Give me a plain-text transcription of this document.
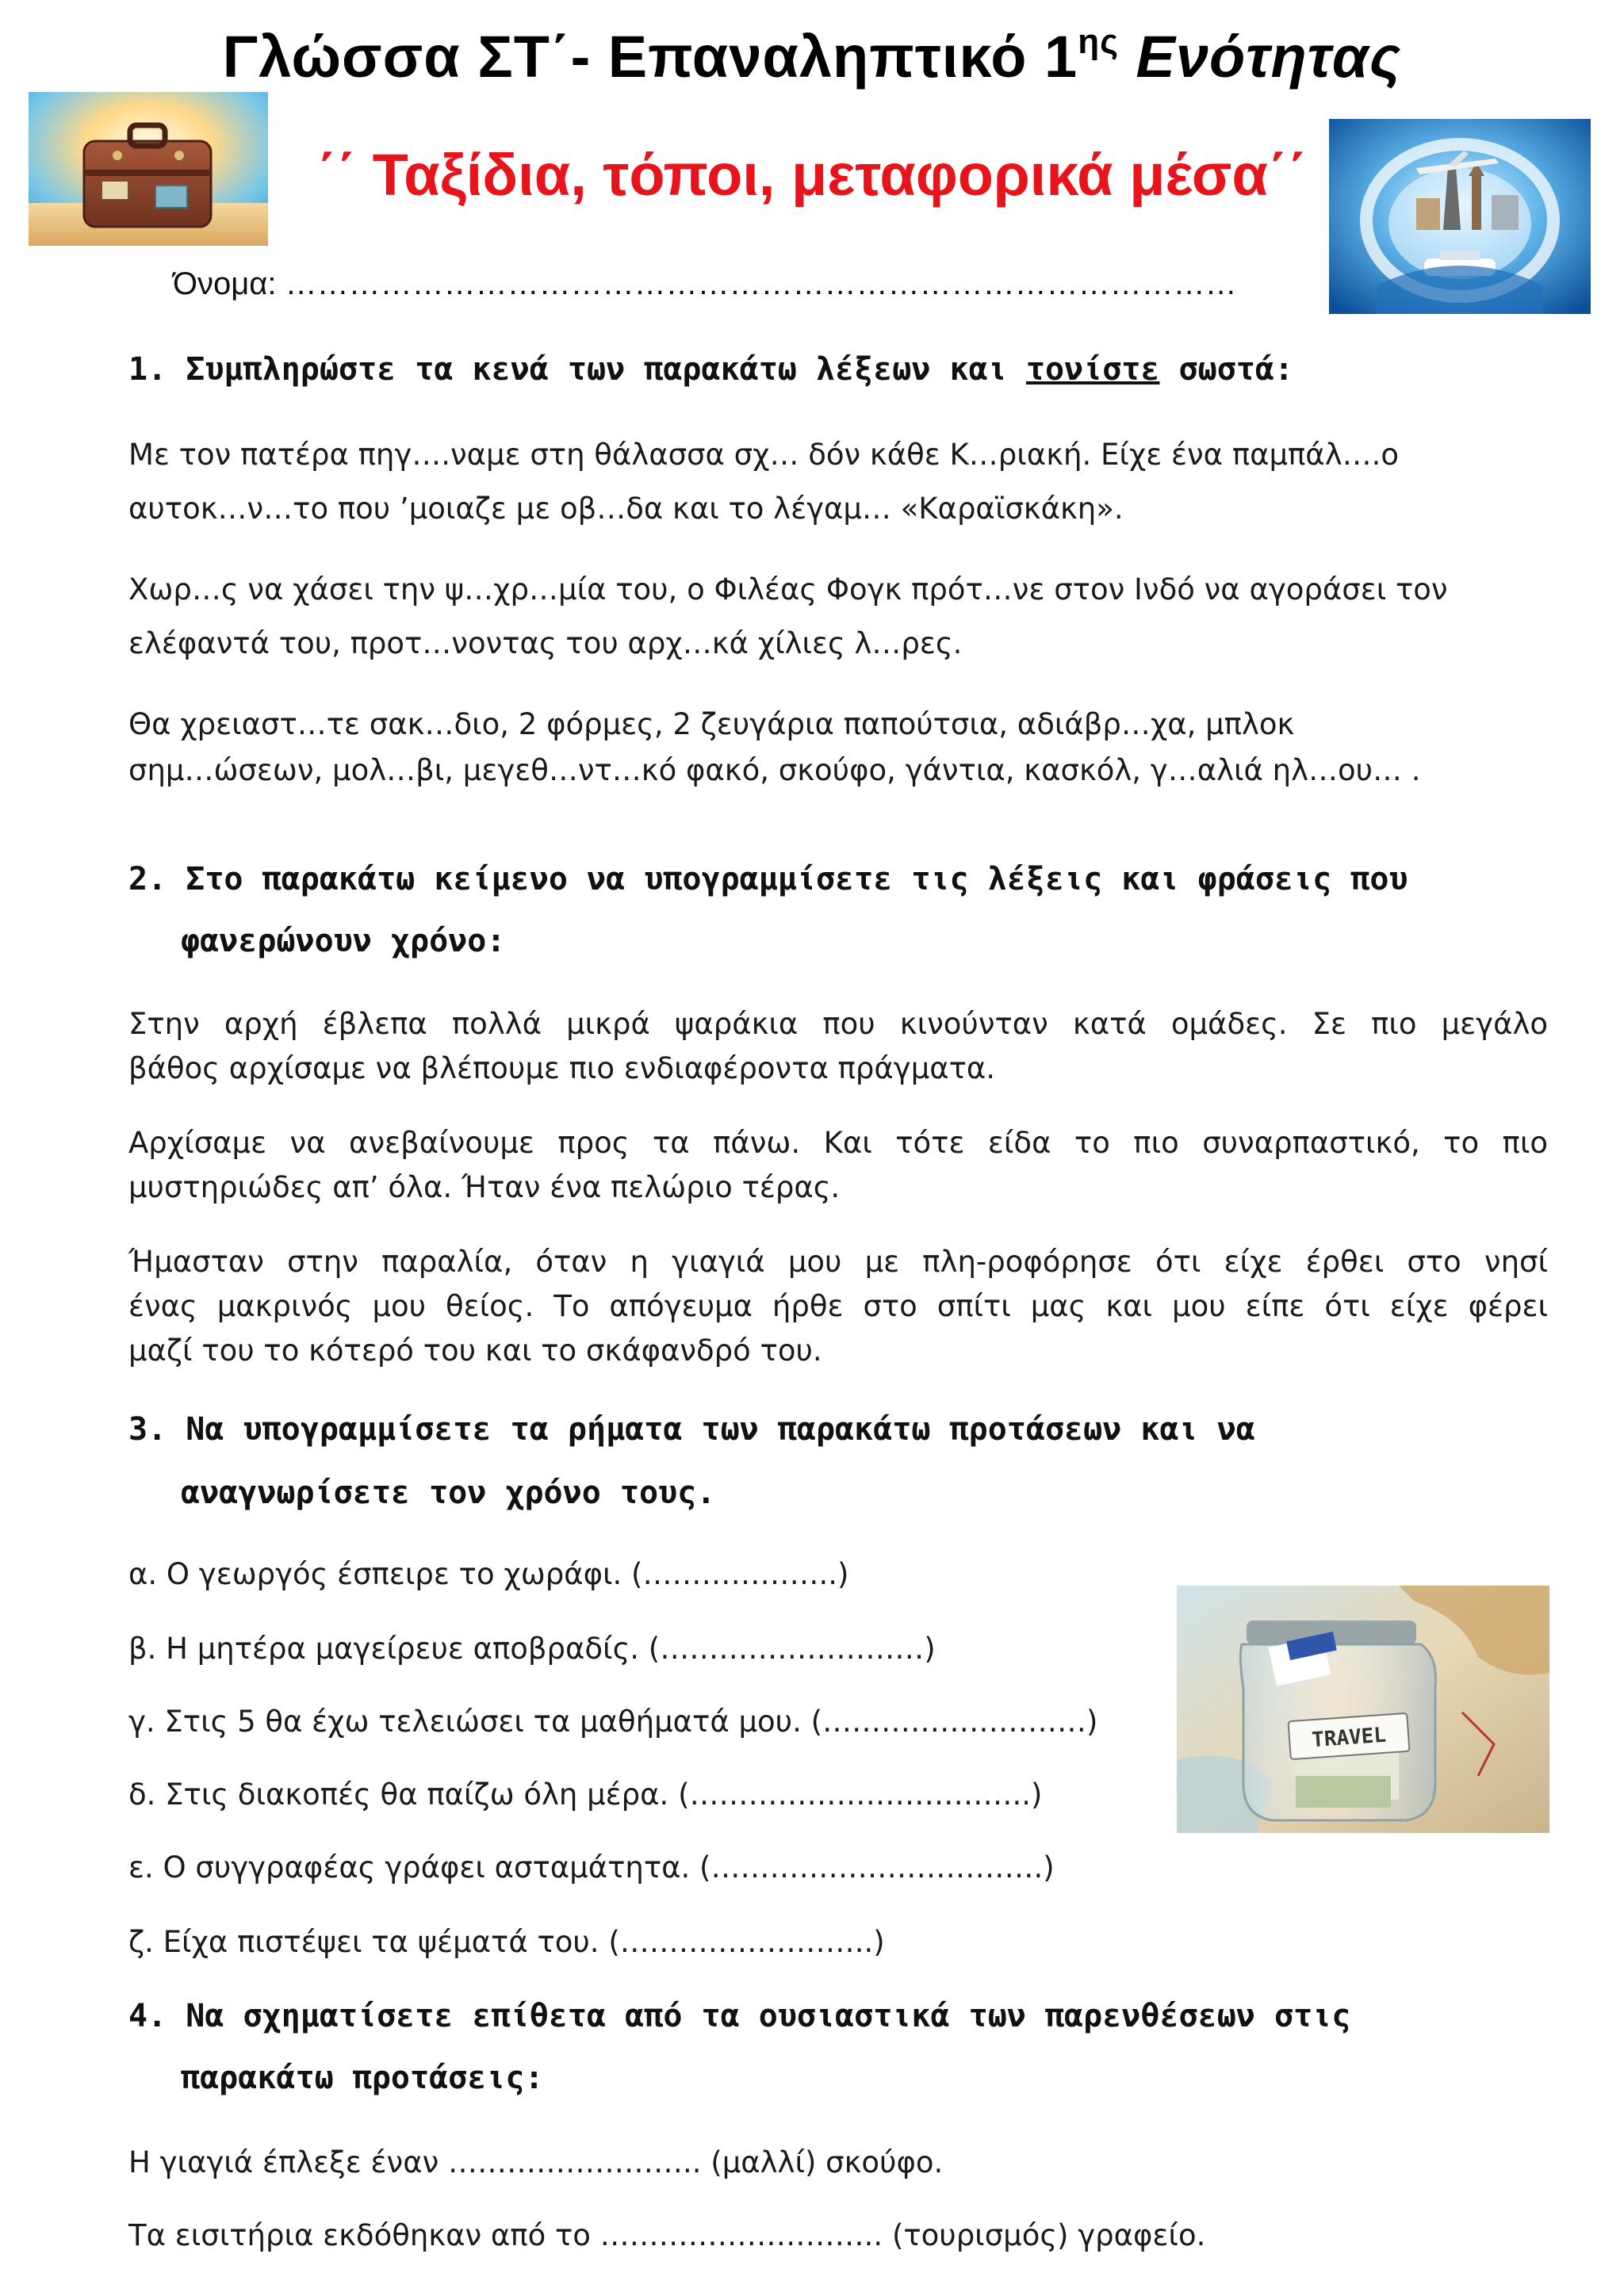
Γλώσσα ΣΤ΄- Επαναληπτικό $1^{\eta\varsigma}$ Ενότητας
΄΄ Ταξίδια, τόποι, μεταφορικά μέσα΄΄
TRAVEL
Όνομα: ………………………………………………………………………………
1. Συμπληρώστε τα κενά των παρακάτω λέξεων και τονίστε σωστά:
Με τον πατέρα πηγ….ναμε στη θάλασσα σχ… δόν κάθε Κ…ριακή. Είχε ένα παμπάλ….ο
αυτοκ…ν…το που ’μοιαζε με οβ…δα και το λέγαμ… «Καραϊσκάκη».
Χωρ…ς να χάσει την ψ…χρ…μία του, ο Φιλέας Φογκ πρότ…νε στον Ινδό να αγοράσει τον
ελέφαντά του, προτ…νοντας του αρχ…κά χίλιες λ…ρες.
Θα χρειαστ…τε σακ…διο, 2 φόρμες, 2 ζευγάρια παπούτσια, αδιάβρ…χα, μπλοκ
σημ…ώσεων, μολ…βι, μεγεθ…ντ…κό φακό, σκούφο, γάντια, κασκόλ, γ…αλιά ηλ…ου… .
2. Στο παρακάτω κείμενο να υπογραμμίσετε τις λέξεις και φράσεις που
φανερώνουν χρόνο:
Στην αρχή έβλεπα πολλά μικρά ψαράκια που κινούνταν κατά ομάδες. Σε πιο μεγάλο
βάθος αρχίσαμε να βλέπουμε πιο ενδιαφέροντα πράγματα.
Αρχίσαμε να ανεβαίνουμε προς τα πάνω. Και τότε είδα το πιο συναρπαστικό, το πιο
μυστηριώδες απ’ όλα. Ήταν ένα πελώριο τέρας.
Ήμασταν στην παραλία, όταν η γιαγιά μου με πλη-ροφόρησε ότι είχε έρθει στο νησί
ένας μακρινός μου θείος. Το απόγευμα ήρθε στο σπίτι μας και μου είπε ότι είχε φέρει
μαζί του το κότερό του και το σκάφανδρό του.
3. Να υπογραμμίσετε τα ρήματα των παρακάτω προτάσεων και να
αναγνωρίσετε τον χρόνο τους.
α. Ο γεωργός έσπειρε το χωράφι. (………………..)
β. Η μητέρα μαγείρευε αποβραδίς. (………………………)
γ. Στις 5 θα έχω τελειώσει τα μαθήματά μου. (………………………)
δ. Στις διακοπές θα παίζω όλη μέρα. (……………………………..)
ε. Ο συγγραφέας γράφει ασταμάτητα. (…………………………….)
ζ. Είχα πιστέψει τα ψέματά του. (……………………..)
4. Να σχηματίσετε επίθετα από τα ουσιαστικά των παρενθέσεων στις
παρακάτω προτάσεις:
Η γιαγιά έπλεξε έναν …………………….. (μαλλί) σκούφο.
Τα εισιτήρια εκδόθηκαν από το ……………………….. (τουρισμός) γραφείο.
